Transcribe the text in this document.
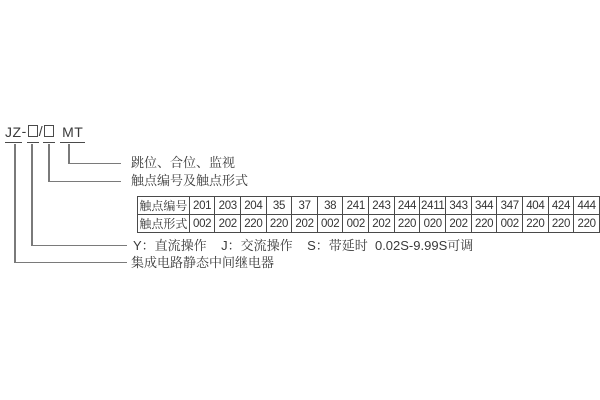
JZ - / MT
跳位、合位、监视
触点编号及触点形式
Y：直流操作    J：交流操作    S：带延时  0.02S-9.99S可调
集成电路静态中间继电器
触点编号	201	203	204	35	37	38	241	243	244	2411	343	344	347	404	424	444
触点形式	002	202	220	220	202	002	002	202	220	020	202	220	002	220	220	220
